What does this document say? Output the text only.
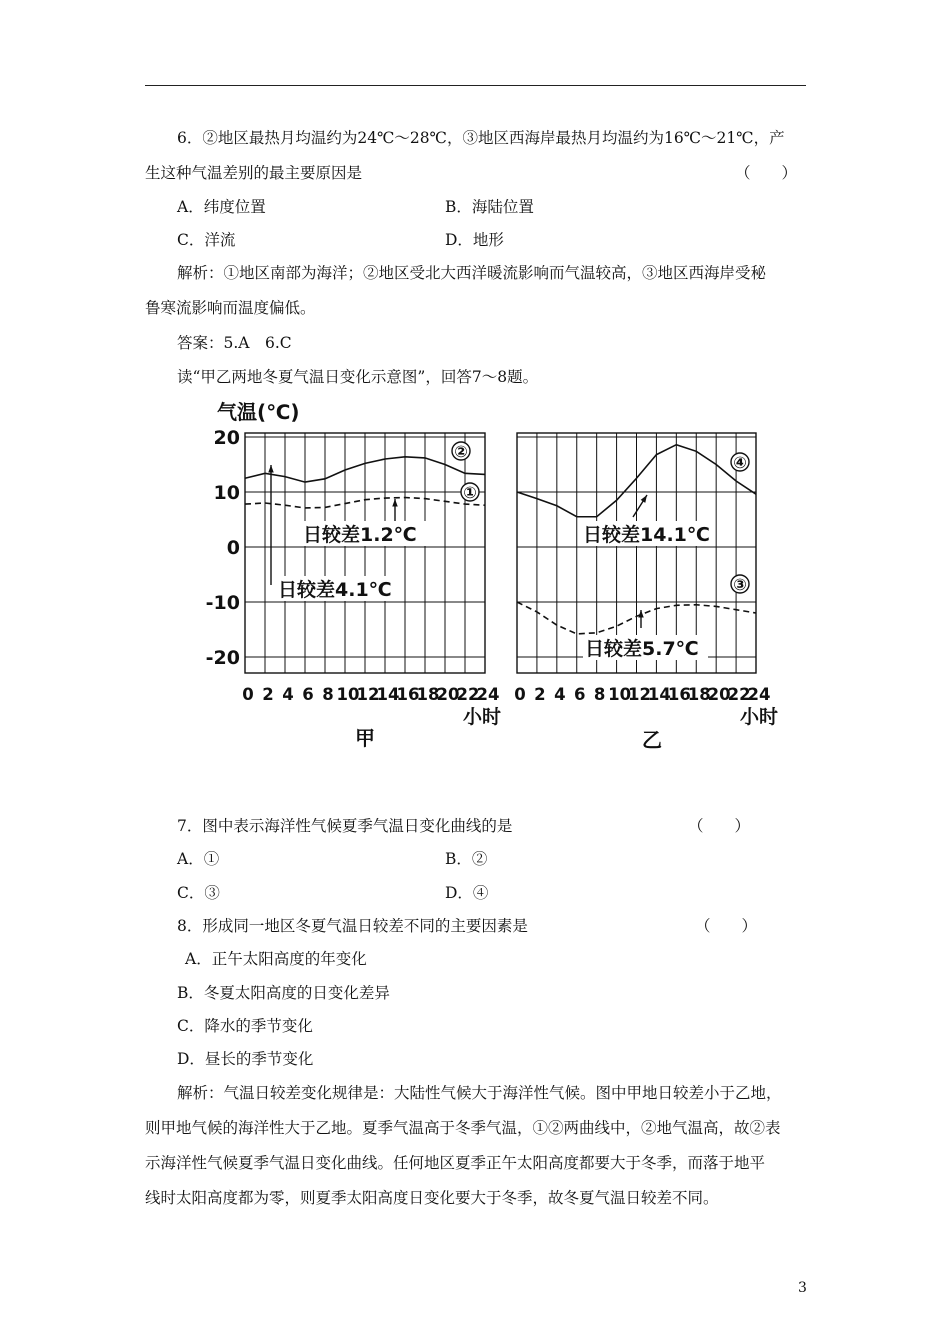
6．②地区最热月均温约为24℃～28℃，③地区西海岸最热月均温约为16℃～21℃，产
生这种气温差别的最主要原因是	（　　）
A．纬度位置	B．海陆位置
C．洋流	D．地形
解析：①地区南部为海洋；②地区受北大西洋暖流影响而气温较高，③地区西海岸受秘
鲁寒流影响而温度偏低。
答案：5.A　6.C
读“甲乙两地冬夏气温日变化示意图”，回答7～8题。
气温(℃)
20
10
0
-10
-20
0 2 4 6 8 10
12
14
16
18
20
22
24
②
①
日较差1.2℃
日较差4.1℃
0 2 4 6 8 10
12
14
16
18
20
22
24
④
③
日较差14.1℃
日较差5.7℃
小时	小时
甲	乙
7．图中表示海洋性气候夏季气温日变化曲线的是	（　　）
A．①	B．②
C．③	D．④
8．形成同一地区冬夏气温日较差不同的主要因素是	（　　）
A．正午太阳高度的年变化
B．冬夏太阳高度的日变化差异
C．降水的季节变化
D．昼长的季节变化
解析：气温日较差变化规律是：大陆性气候大于海洋性气候。图中甲地日较差小于乙地，
则甲地气候的海洋性大于乙地。夏季气温高于冬季气温，①②两曲线中，②地气温高，故②表
示海洋性气候夏季气温日变化曲线。任何地区夏季正午太阳高度都要大于冬季，而落于地平
线时太阳高度都为零，则夏季太阳高度日变化要大于冬季，故冬夏气温日较差不同。
3
